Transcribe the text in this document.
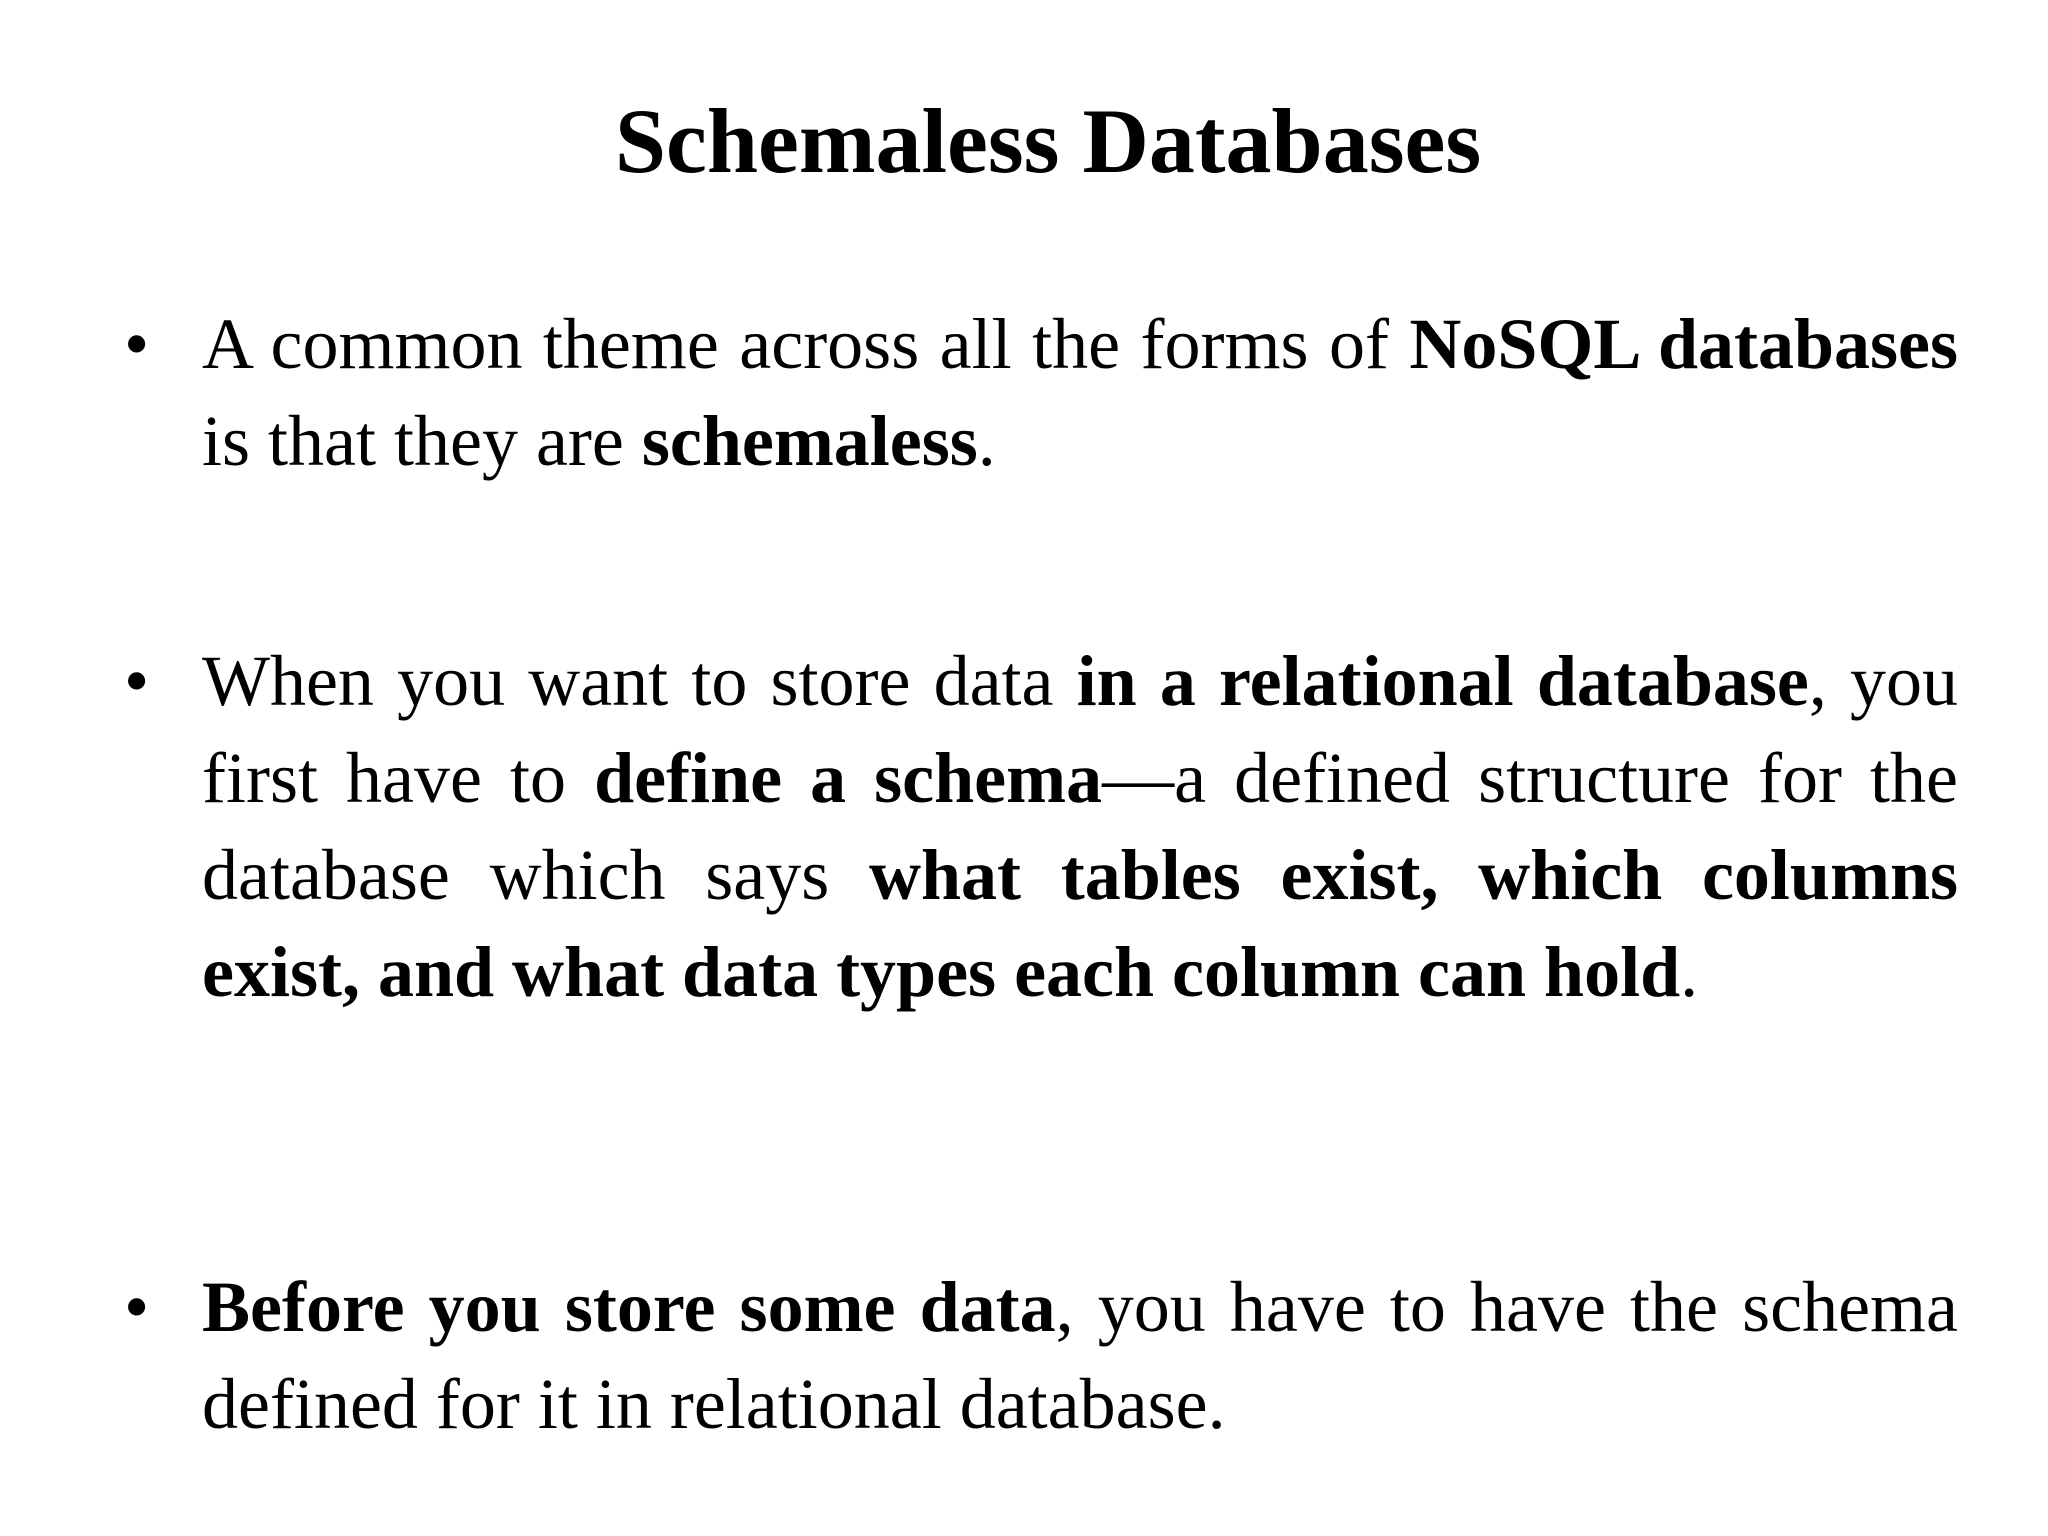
Schemaless Databases
• A common theme across all the forms of NoSQL databases is that they are schemaless.

• When you want to store data in a relational database, you first have to define a schema—a defined structure for the database which says what tables exist, which columns exist, and what data types each column can hold.

• Before you store some data, you have to have the schema defined for it in relational database.
